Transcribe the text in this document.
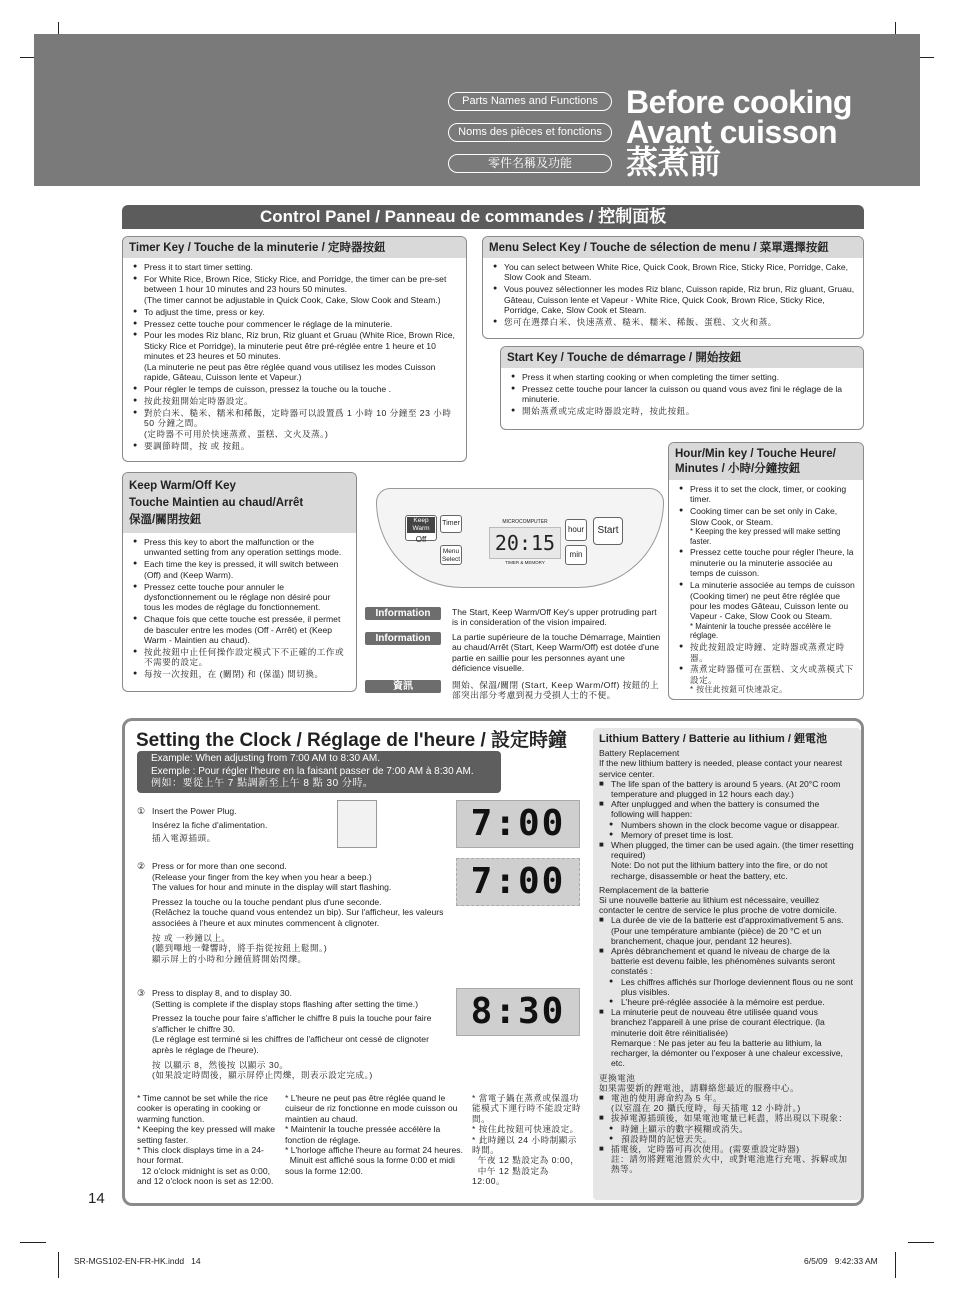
Parts Names and Functions
Noms des pièces et fonctions
零件名稱及功能
Before cooking
Avant cuisson
蒸煮前
Control Panel / Panneau de commandes / 控制面板
Timer Key / Touche de la minuterie / 定時器按鈕
● Press it to start timer setting.
● For White Rice, Brown Rice, Sticky Rice, and Porridge, the timer can be pre-set between 1 hour 10 minutes and 23 hours 50 minutes.
(The timer cannot be adjustable in Quick Cook, Cake, Slow Cook and Steam.)
● To adjust the time, press or key.
● Pressez cette touche pour commencer le réglage de la minuterie.
● Pour les modes Riz blanc, Riz brun, Riz gluant et Gruau (White Rice, Brown Rice, Sticky Rice et Porridge), la minuterie peut être pré-réglée entre 1 heure et 10 minutes et 23 heures et 50 minutes.
(La minuterie ne peut pas être réglée quand vous utilisez les modes Cuisson rapide, Gâteau, Cuisson lente et Vapeur.)
● Pour régler le temps de cuisson, pressez la touche ou la touche .
● 按此按鈕開始定時器設定。
● 對於白米、糙米、糯米和稀飯，定時器可以設置爲 1 小時 10 分鐘至 23 小時 50 分鐘之間。
(定時器不可用於快速蒸煮、蛋糕、文火及蒸。)
● 要調節時間，按 或 按鈕。
Menu Select Key / Touche de sélection de menu / 菜單選擇按鈕
● You can select between White Rice, Quick Cook, Brown Rice, Sticky Rice, Porridge, Cake, Slow Cook and Steam.
● Vous pouvez sélectionner les modes Riz blanc, Cuisson rapide, Riz brun, Riz gluant, Gruau, Gâteau, Cuisson lente et Vapeur - White Rice, Quick Cook, Brown Rice, Sticky Rice, Porridge, Cake, Slow Cook et Steam.
● 您可在選擇白米、快速蒸煮、糙米、糯米、稀飯、蛋糕、文火和蒸。
Start Key / Touche de démarrage / 開始按鈕
● Press it when starting cooking or when completing the timer setting.
● Pressez cette touche pour lancer la cuisson ou quand vous avez fini le réglage de la minuterie.
● 開始蒸煮或完成定時器設定時，按此按鈕。
Keep Warm/Off Key
Touche Maintien au chaud/Arrêt
保溫/關閉按鈕
● Press this key to abort the malfunction or the unwanted setting from any operation settings mode.
● Each time the key is pressed, it will switch between (Off) and (Keep Warm).
● Pressez cette touche pour annuler le dysfonctionnement ou le réglage non désiré pour tous les modes de réglage du fonctionnement.
● Chaque fois que cette touche est pressée, il permet de basculer entre les modes (Off - Arrêt) et (Keep Warm - Maintien au chaud).
● 按此按鈕中止任何操作設定模式下不正確的工作或不需要的設定。
● 每按一次按鈕，在 (關閉) 和 (保溫) 間切換。
Hour/Min key / Touche Heure/ Minutes / 小時/分鐘按鈕
● Press it to set the clock, timer, or cooking timer.
● Cooking timer can be set only in Cake, Slow Cook, or Steam.
* Keeping the key pressed will make setting faster.
● Pressez cette touche pour régler l'heure, la minuterie ou la minuterie associée au temps de cuisson.
● La minuterie associée au temps de cuisson (Cooking timer) ne peut être réglée que pour les modes Gâteau, Cuisson lente ou Vapeur - Cake, Slow Cook ou Steam.
* Maintenir la touche pressée accélère le réglage.
● 按此按鈕設定時鐘、定時器或蒸煮定時器。
● 蒸煮定時器僅可在蛋糕、文火或蒸模式下設定。
* 按住此按鈕可快速設定。
Keep Warm
Off
Timer
Menu Select
MICROCOMPUTER
20:15
TIMER & MEMORY
hour
min
Start
Information	The Start, Keep Warm/Off Key's upper protruding part is in consideration of the vision impaired.
Information	La partie supérieure de la touche Démarrage, Maintien au chaud/Arrêt (Start, Keep Warm/Off) est dotée d'une partie en saillie pour les personnes ayant une déficience visuelle.
資訊	開始、保溫/關閉 (Start, Keep Warm/Off) 按鈕的上部突出部分考慮到視力受損人士的不便。
Setting the Clock / Réglage de l'heure / 設定時鐘
Example: When adjusting from 7:00 AM to 8:30 AM.
Exemple : Pour régler l'heure en la faisant passer de 7:00 AM à 8:30 AM.
例如：要從上午 7 點調新至上午 8 點 30 分時。
① Insert the Power Plug.
Insérez la fiche d'alimentation.
插入電源插頭。	7:00
② Press or for more than one second.
(Release your finger from the key when you hear a beep.)
The values for hour and minute in the display will start flashing.
Pressez la touche ou la touche pendant plus d'une seconde.
(Relâchez la touche quand vous entendez un bip). Sur l'afficheur, les valeurs associées à l'heure et aux minutes commencent à clignoter.
按 或 一秒鐘以上。
(聽到嗶地一聲響時，將手指從按鈕上鬆開。)
顯示屏上的小時和分鐘值將開始閃爍。
7:00
③ Press to display 8, and to display 30.
(Setting is complete if the display stops flashing after setting the time.)
Pressez la touche pour faire s'afficher le chiffre 8 puis la touche pour faire s'afficher le chiffre 30.
(Le réglage est terminé si les chiffres de l'afficheur ont cessé de clignoter après le réglage de l'heure).
按 以顯示 8，然後按 以顯示 30。
(如果設定時間後，顯示屏停止閃爍，則表示設定完成。)
8:30
* Time cannot be set while the rice cooker is operating in cooking or warming function.
* Keeping the key pressed will make setting faster.
* This clock displays time in a 24-hour format.
12 o'clock midnight is set as 0:00, and 12 o'clock noon is set as 12:00.
* L'heure ne peut pas être réglée quand le cuiseur de riz fonctionne en mode cuisson ou maintien au chaud.
* Maintenir la touche pressée accélère la fonction de réglage.
* L'horloge affiche l'heure au format 24 heures.
Minuit est affiché sous la forme 0:00 et midi sous la forme 12:00.
* 當電子鍋在蒸煮或保溫功能模式下運行時不能設定時間。
* 按住此按鈕可快速設定。
* 此時鐘以 24 小時制顯示時間。
午夜 12 點設定為 0:00，
中午 12 點設定為 12:00。
Lithium Battery / Batterie au lithium / 鋰電池
Battery Replacement
If the new lithium battery is needed, please contact your nearest service center.
■ The life span of the battery is around 5 years. (At 20°C room temperature and plugged in 12 hours each day.)
■ After unplugged and when the battery is consumed the following will happen:
● Numbers shown in the clock become vague or disappear.
● Memory of preset time is lost.
■ When plugged, the timer can be used again. (the timer resetting required)
Note: Do not put the lithium battery into the fire, or do not recharge, disassemble or heat the battery, etc.
Remplacement de la batterie
Si une nouvelle batterie au lithium est nécessaire, veuillez contacter le centre de service le plus proche de votre domicile.
■ La durée de vie de la batterie est d'approximativement 5 ans. (Pour une température ambiante (pièce) de 20 °C et un branchement, chaque jour, pendant 12 heures).
■ Après débranchement et quand le niveau de charge de la batterie est devenu faible, les phénomènes suivants seront constatés :
● Les chiffres affichés sur l'horloge deviennent flous ou ne sont plus visibles.
● L'heure pré-réglée associée à la mémoire est perdue.
■ La minuterie peut de nouveau être utilisée quand vous branchez l'appareil à une prise de courant électrique. (la minuterie doit être réinitialisée)
Remarque : Ne pas jeter au feu la batterie au lithium, la recharger, la démonter ou l'exposer à une chaleur excessive, etc.
更換電池
如果需要新的鋰電池，請聯絡您最近的服務中心。
■ 電池的使用壽命約為 5 年。
(以室溫在 20 攝氏度時，每天插電 12 小時計。)
■ 拔掉電源插頭後，如果電池電量已耗盡，將出現以下現象：
● 時鐘上顯示的數字模糊或消失。
● 預設時間的記憶丟失。
■ 插電後，定時器可再次使用。(需要重設定時器)
註：請勿將鋰電池置於火中，或對電池進行充電、拆解或加熱等。
14
SR-MGS102-EN-FR-HK.indd   14	6/5/09   9:42:33 AM
